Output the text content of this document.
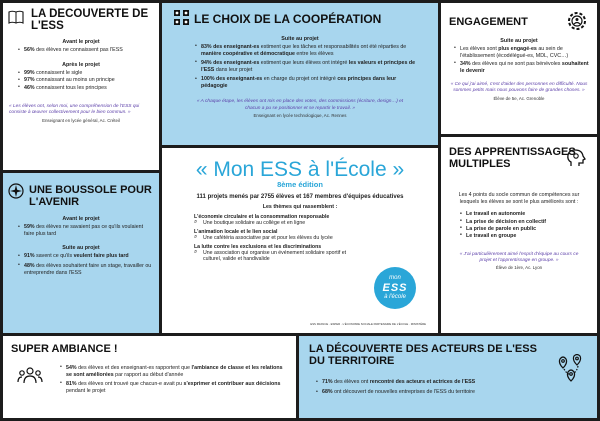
LA DECOUVERTE DE L'ESS
Avant le projet
• 56% des élèves ne connaissent pas l'ESS
Après le projet
• 99% connaissent le sigle
• 97% connaissant au moins un principe
• 46% connaissent tous les principes
« Les élèves ont, selon moi, une compréhension de l'ESS qui consiste à œuvrer collectivement pour le bien commun. »
Enseignant en lycée général, Ac. Créteil
LE CHOIX DE LA COOPÉRATION
Suite au projet
• 83% des enseignant-es estiment que les tâches et responsabilités ont été réparties de manière coopérative et démocratique entre les élèves
• 94% des enseignant-es estiment que leurs élèves ont intégré les valeurs et principes de l'ESS dans leur projet
• 100% des enseignant-es en charge du projet ont intégré ces principes dans leur pédagogie
« A chaque étape, les élèves ont mis en place des votes, des commissions (écriture, design…) et chacun a pu se positionner et se repartir le travail. »
Enseignant en lycée technologique, Ac. Rennes
ENGAGEMENT
Suite au projet
• Les élèves sont plus engagé-es au sein de l'établissement (écodélégué-es, MDL, CVC…)
• 34% des élèves qui ne sont pas bénévoles souhaitent le devenir
« Ce qui j'ai aimé, c'est d'aider des personnes en difficulté. Nous sommes petits mais nous pouvons faire de grandes choses. »
Élève de 5e, Ac. Grenoble
UNE BOUSSOLE POUR L'AVENIR
Avant le projet
• 59% des élèves ne savaient pas ce qu'ils voulaient faire plus tard
Suite au projet
• 91% savent ce qu'ils veulent faire plus tard
• 48% des élèves souhaitent faire un stage, travailler ou entreprendre dans l'ESS
« Mon ESS à l'École »
8ème édition
111 projets menés par 2755 élèves et 167 membres d'équipes éducatives
Les thèmes qui rassemblent :
L'économie circulaire et la consommation responsable
⌕ Une boutique solidaire au collège et en ligne
L'animation locale et le lien social
⌕ Une cafétéria associative par et pour les élèves du lycée
La lutte contre les exclusions et les discriminations
⌕ Une association qui organise un événement solidaire sportif et culturel, valide et handivalide
mon
ESS
à l'école
ESS FRANCE · ESPER · L'ÉCONOMIE SOCIALE PARTENAIRE DE L'ÉCOLE · MINISTÈRE
DES APPRENTISSAGES MULTIPLES
Les 4 points du socle commun de compétences sur lesquels les élèves se sont le plus améliorés sont :
• Le travail en autonomie
• La prise de décision en collectif
• La prise de parole en public
• Le travail en groupe
« J'ai particulièrement aimé l'esprit d'équipe au cours ce projet et l'apprentissage en groupe. »
Élève de 1ère, Ac. Lyon
SUPER AMBIANCE !
• 54% des élèves et des enseignant-es rapportent que l'ambiance de classe et les relations se sont améliorées par rapport au début d'année
• 81% des élèves ont trouvé que chacun-e avait pu s'exprimer et contribuer aux décisions pendant le projet
LA DÉCOUVERTE DES ACTEURS DE L'ESS DU TERRITOIRE
• 71% des élèves ont rencontré des acteurs et actrices de l'ESS
• 68% ont découvert de nouvelles entreprises de l'ESS du territoire
